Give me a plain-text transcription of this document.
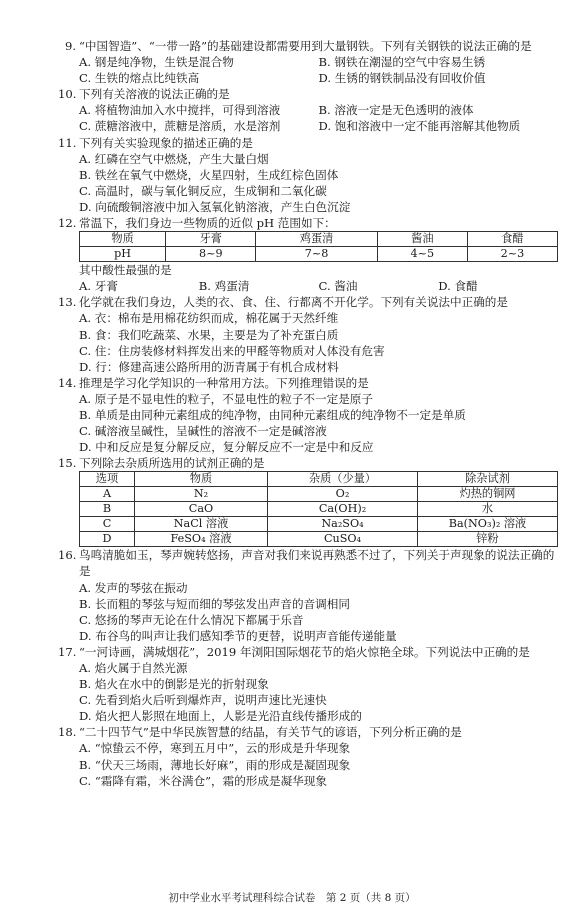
9. “中国智造”、“一带一路”的基础建设都需要用到大量钢铁。下列有关钢铁的说法正确的是
A. 钢是纯净物，生铁是混合物	B. 钢铁在潮湿的空气中容易生锈
C. 生铁的熔点比纯铁高	D. 生锈的钢铁制品没有回收价值
10. 下列有关溶液的说法正确的是
A. 将植物油加入水中搅拌，可得到溶液	B. 溶液一定是无色透明的液体
C. 蔗糖溶液中，蔗糖是溶质，水是溶剂	D. 饱和溶液中一定不能再溶解其他物质
11. 下列有关实验现象的描述正确的是
A. 红磷在空气中燃烧，产生大量白烟
B. 铁丝在氧气中燃烧，火星四射，生成红棕色固体
C. 高温时，碳与氧化铜反应，生成铜和二氧化碳
D. 向硫酸铜溶液中加入氢氧化钠溶液，产生白色沉淀
12. 常温下，我们身边一些物质的近似 pH 范围如下：
物质	牙膏	鸡蛋清	酱油	食醋
pH	8~9	7~8	4~5	2~3
其中酸性最强的是
A. 牙膏	B. 鸡蛋清	C. 酱油	D. 食醋
13. 化学就在我们身边，人类的衣、食、住、行都离不开化学。下列有关说法中正确的是
A. 衣：棉布是用棉花纺织而成，棉花属于天然纤维
B. 食：我们吃蔬菜、水果，主要是为了补充蛋白质
C. 住：住房装修材料挥发出来的甲醛等物质对人体没有危害
D. 行：修建高速公路所用的沥青属于有机合成材料
14. 推理是学习化学知识的一种常用方法。下列推理错误的是
A. 原子是不显电性的粒子，不显电性的粒子不一定是原子
B. 单质是由同种元素组成的纯净物，由同种元素组成的纯净物不一定是单质
C. 碱溶液呈碱性，呈碱性的溶液不一定是碱溶液
D. 中和反应是复分解反应，复分解反应不一定是中和反应
15. 下列除去杂质所选用的试剂正确的是
选项	物质	杂质（少量）	除杂试剂
A	N₂	O₂	灼热的铜网
B	CaO	Ca(OH)₂	水
C	NaCl 溶液	Na₂SO₄	Ba(NO₃)₂ 溶液
D	FeSO₄ 溶液	CuSO₄	锌粉
16. 鸟鸣清脆如玉，琴声婉转悠扬，声音对我们来说再熟悉不过了，下列关于声现象的说法正确的是
A. 发声的琴弦在振动
B. 长而粗的琴弦与短而细的琴弦发出声音的音调相同
C. 悠扬的琴声无论在什么情况下都属于乐音
D. 布谷鸟的叫声让我们感知季节的更替，说明声音能传递能量
17. “一河诗画，满城烟花”，2019 年浏阳国际烟花节的焰火惊艳全球。下列说法中正确的是
A. 焰火属于自然光源
B. 焰火在水中的倒影是光的折射现象
C. 先看到焰火后听到爆炸声，说明声速比光速快
D. 焰火把人影照在地面上，人影是光沿直线传播形成的
18. “二十四节气”是中华民族智慧的结晶，有关节气的谚语，下列分析正确的是
A. “惊蛰云不停，寒到五月中”，云的形成是升华现象
B. “伏天三场雨，薄地长好麻”，雨的形成是凝固现象
C. “霜降有霜，米谷满仓”，霜的形成是凝华现象
初中学业水平考试理科综合试卷　第 2 页（共 8 页）
